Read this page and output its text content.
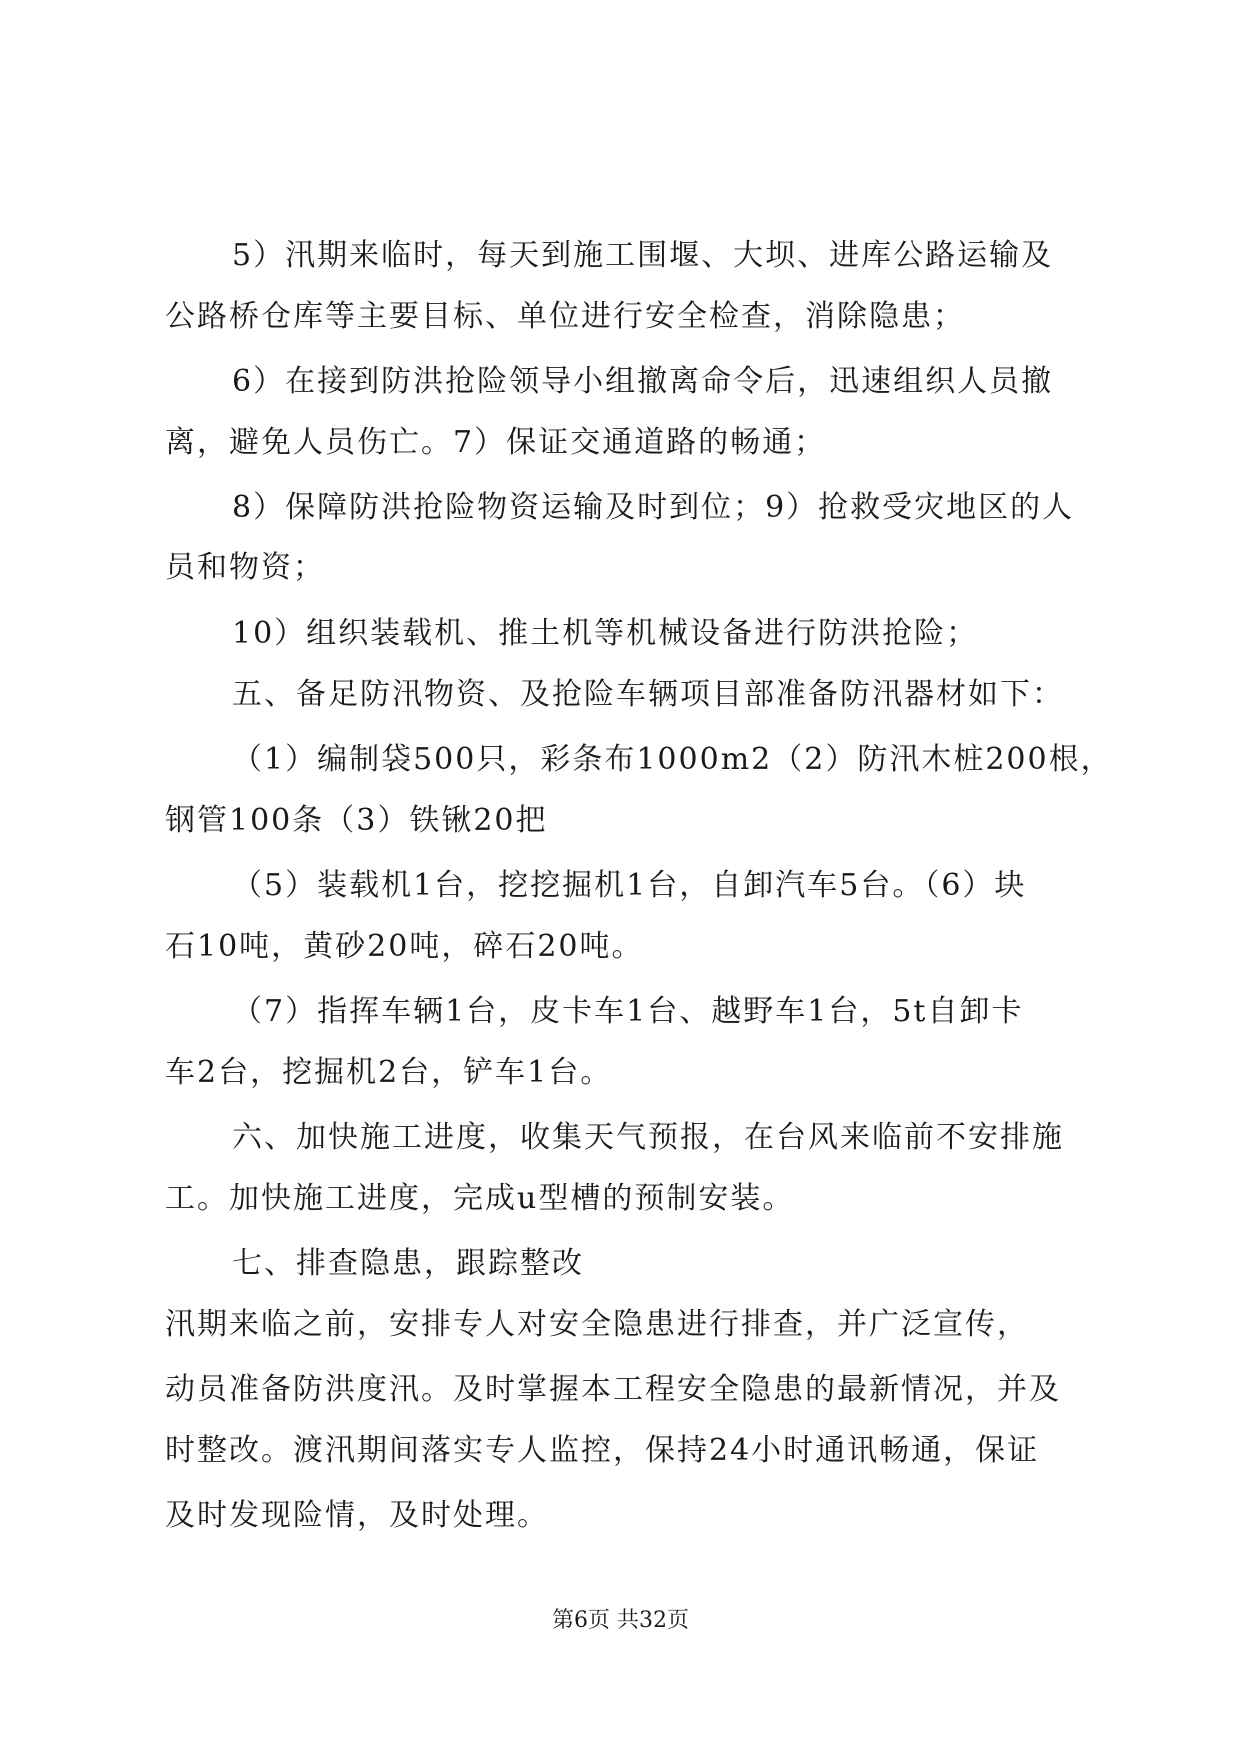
5）汛期来临时，每天到施工围堰、大坝、进库公路运输及
公路桥仓库等主要目标、单位进行安全检查，消除隐患；
6）在接到防洪抢险领导小组撤离命令后，迅速组织人员撤
离，避免人员伤亡。7）保证交通道路的畅通；
8）保障防洪抢险物资运输及时到位；9）抢救受灾地区的人
员和物资；
10）组织装载机、推土机等机械设备进行防洪抢险；
五、备足防汛物资、及抢险车辆项目部准备防汛器材如下：
（1）编制袋500只，彩条布1000m2（2）防汛木桩200根，
钢管100条（3）铁锹20把
（5）装载机1台，挖挖掘机1台，自卸汽车5台。（6）块
石10吨，黄砂20吨，碎石20吨。
（7）指挥车辆1台，皮卡车1台、越野车1台，5t自卸卡
车2台，挖掘机2台，铲车1台。
六、加快施工进度，收集天气预报，在台风来临前不安排施
工。加快施工进度，完成u型槽的预制安装。
七、排查隐患，跟踪整改
汛期来临之前，安排专人对安全隐患进行排查，并广泛宣传，
动员准备防洪度汛。及时掌握本工程安全隐患的最新情况，并及
时整改。渡汛期间落实专人监控，保持24小时通讯畅通，保证
及时发现险情，及时处理。
第6页 共32页
